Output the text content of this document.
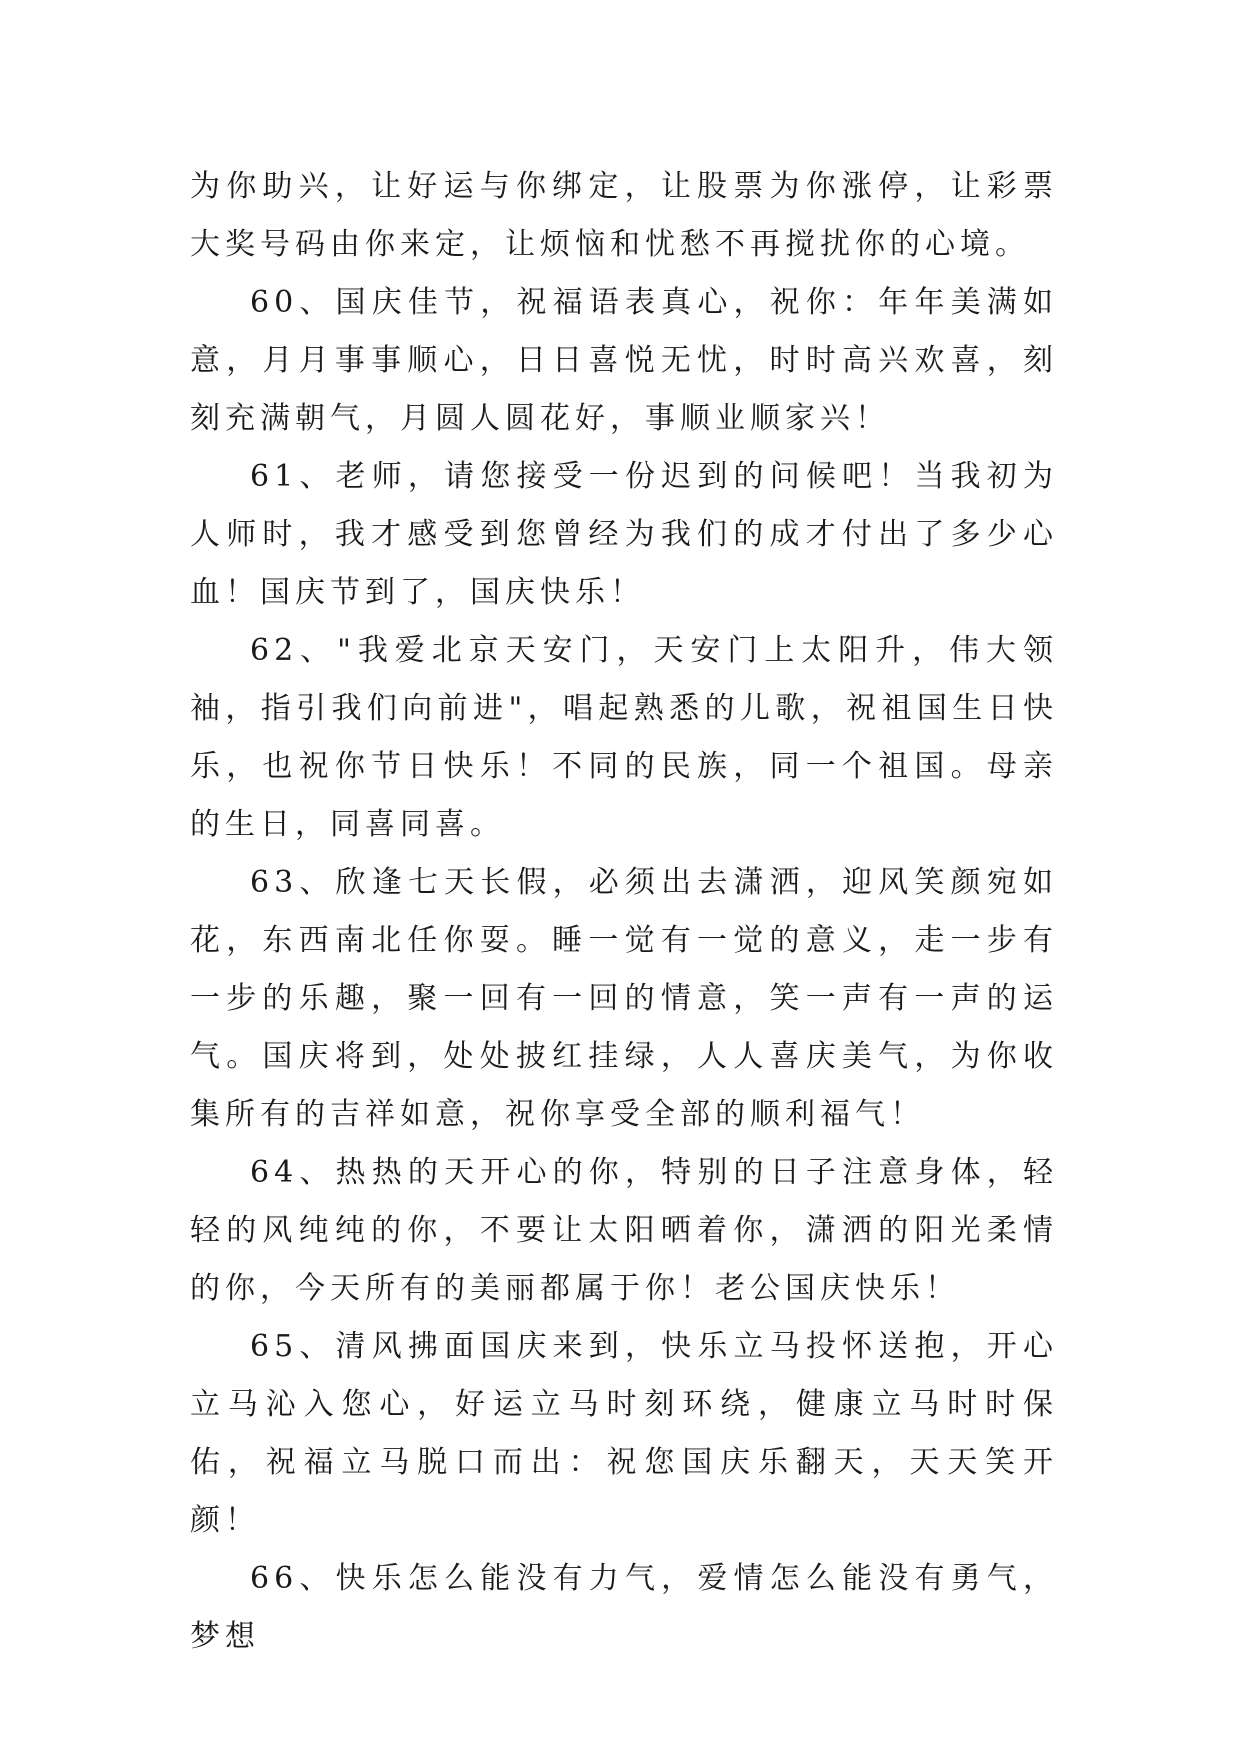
为你助兴，让好运与你绑定，让股票为你涨停，让彩票大奖号码由你来定，让烦恼和忧愁不再搅扰你的心境。

60、国庆佳节，祝福语表真心，祝你：年年美满如意，月月事事顺心，日日喜悦无忧，时时高兴欢喜，刻刻充满朝气，月圆人圆花好，事顺业顺家兴！

61、老师，请您接受一份迟到的问候吧！当我初为人师时，我才感受到您曾经为我们的成才付出了多少心血！国庆节到了，国庆快乐！

62、"我爱北京天安门，天安门上太阳升，伟大领袖，指引我们向前进"，唱起熟悉的儿歌，祝祖国生日快乐，也祝你节日快乐！不同的民族，同一个祖国。母亲的生日，同喜同喜。

63、欣逢七天长假，必须出去潇洒，迎风笑颜宛如花，东西南北任你耍。睡一觉有一觉的意义，走一步有一步的乐趣，聚一回有一回的情意，笑一声有一声的运气。国庆将到，处处披红挂绿，人人喜庆美气，为你收集所有的吉祥如意，祝你享受全部的顺利福气！

64、热热的天开心的你，特别的日子注意身体，轻轻的风纯纯的你，不要让太阳晒着你，潇洒的阳光柔情的你，今天所有的美丽都属于你！老公国庆快乐！

65、清风拂面国庆来到，快乐立马投怀送抱，开心立马沁入您心，好运立马时刻环绕，健康立马时时保佑，祝福立马脱口而出：祝您国庆乐翻天，天天笑开颜！

66、快乐怎么能没有力气，爱情怎么能没有勇气，梦想
